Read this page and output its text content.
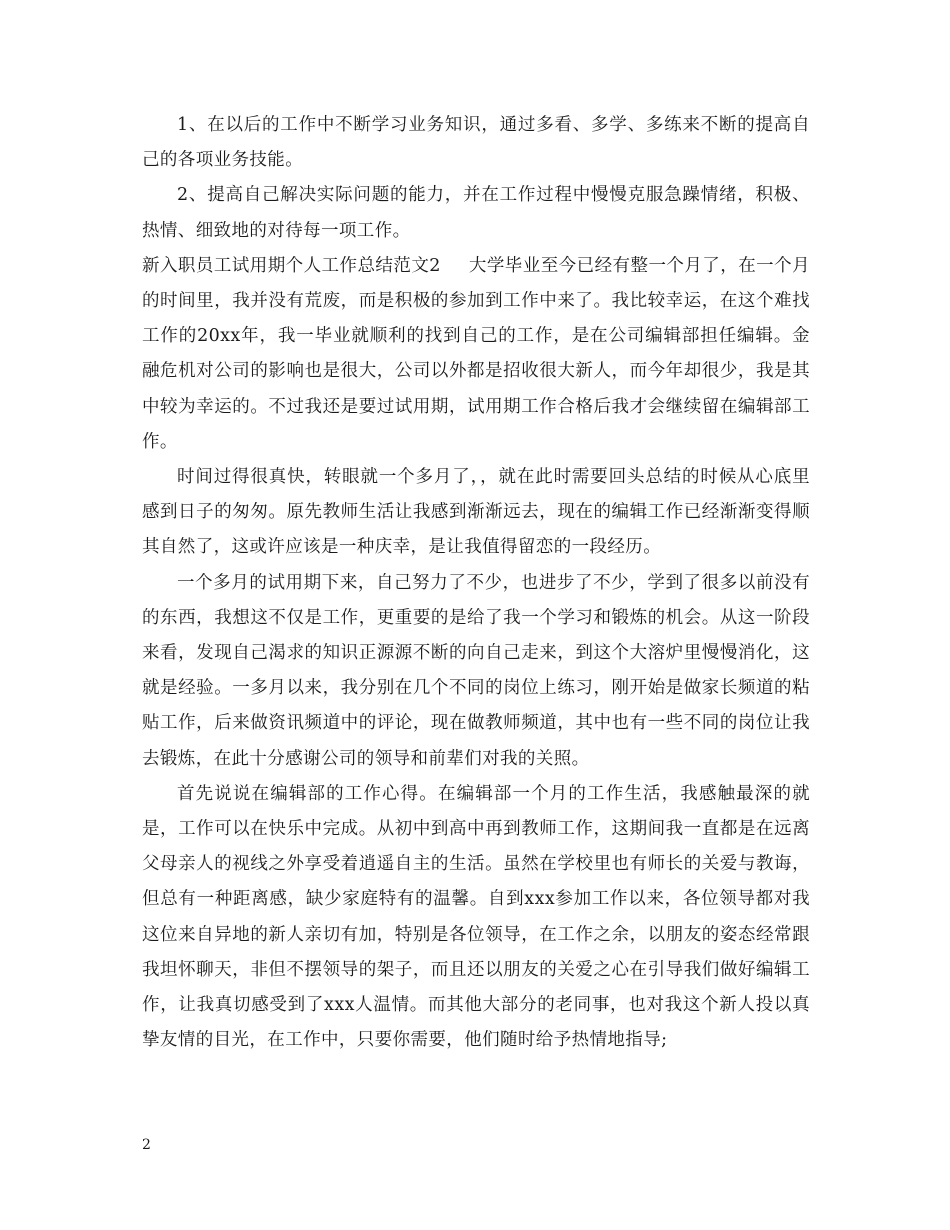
1、在以后的工作中不断学习业务知识，通过多看、多学、多练来不断的提高自己的各项业务技能。

2、提高自己解决实际问题的能力，并在工作过程中慢慢克服急躁情绪，积极、热情、细致地的对待每一项工作。

新入职员工试用期个人工作总结范文2 大学毕业至今已经有整一个月了，在一个月的时间里，我并没有荒废，而是积极的参加到工作中来了。我比较幸运，在这个难找工作的20xx年，我一毕业就顺利的找到自己的工作，是在公司编辑部担任编辑。金融危机对公司的影响也是很大，公司以外都是招收很大新人，而今年却很少，我是其中较为幸运的。不过我还是要过试用期，试用期工作合格后我才会继续留在编辑部工作。

时间过得很真快，转眼就一个多月了，，就在此时需要回头总结的时候从心底里感到日子的匆匆。原先教师生活让我感到渐渐远去，现在的编辑工作已经渐渐变得顺其自然了，这或许应该是一种庆幸，是让我值得留恋的一段经历。

一个多月的试用期下来，自己努力了不少，也进步了不少，学到了很多以前没有的东西，我想这不仅是工作，更重要的是给了我一个学习和锻炼的机会。从这一阶段来看，发现自己渴求的知识正源源不断的向自己走来，到这个大溶炉里慢慢消化，这就是经验。一多月以来，我分别在几个不同的岗位上练习，刚开始是做家长频道的粘贴工作，后来做资讯频道中的评论，现在做教师频道，其中也有一些不同的岗位让我去锻炼，在此十分感谢公司的领导和前辈们对我的关照。

首先说说在编辑部的工作心得。在编辑部一个月的工作生活，我感触最深的就是，工作可以在快乐中完成。从初中到高中再到教师工作，这期间我一直都是在远离父母亲人的视线之外享受着逍遥自主的生活。虽然在学校里也有师长的关爱与教诲，但总有一种距离感，缺少家庭特有的温馨。自到xxx参加工作以来，各位领导都对我这位来自异地的新人亲切有加，特别是各位领导，在工作之余，以朋友的姿态经常跟我坦怀聊天，非但不摆领导的架子，而且还以朋友的关爱之心在引导我们做好编辑工作，让我真切感受到了xxx人温情。而其他大部分的老同事，也对我这个新人投以真挚友情的目光，在工作中，只要你需要，他们随时给予热情地指导;

2
